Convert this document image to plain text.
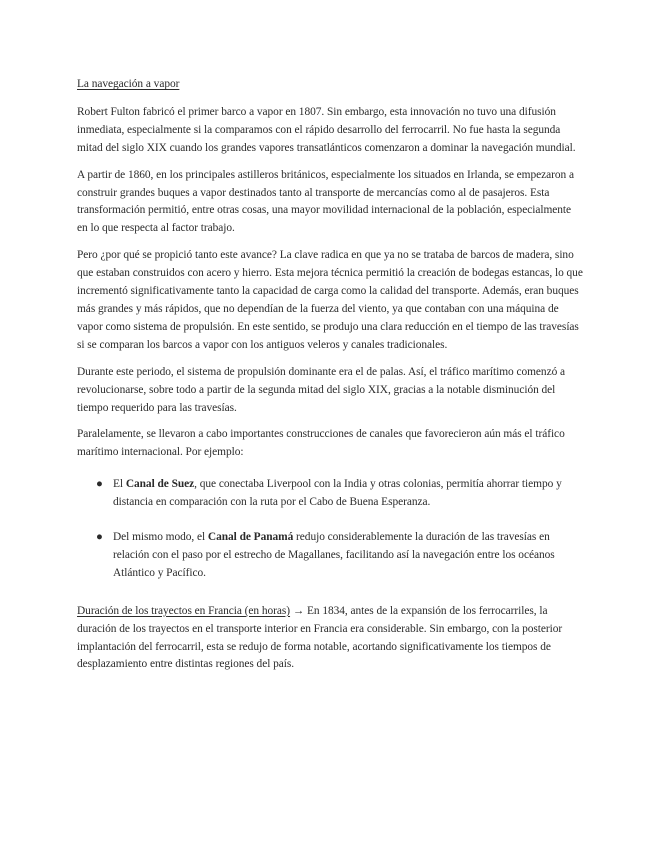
La navegación a vapor

Robert Fulton fabricó el primer barco a vapor en 1807. Sin embargo, esta innovación no tuvo una difusión inmediata, especialmente si la comparamos con el rápido desarrollo del ferrocarril. No fue hasta la segunda mitad del siglo XIX cuando los grandes vapores transatlánticos comenzaron a dominar la navegación mundial.

A partir de 1860, en los principales astilleros británicos, especialmente los situados en Irlanda, se empezaron a construir grandes buques a vapor destinados tanto al transporte de mercancías como al de pasajeros. Esta transformación permitió, entre otras cosas, una mayor movilidad internacional de la población, especialmente en lo que respecta al factor trabajo.

Pero ¿por qué se propició tanto este avance? La clave radica en que ya no se trataba de barcos de madera, sino que estaban construidos con acero y hierro. Esta mejora técnica permitió la creación de bodegas estancas, lo que incrementó significativamente tanto la capacidad de carga como la calidad del transporte. Además, eran buques más grandes y más rápidos, que no dependían de la fuerza del viento, ya que contaban con una máquina de vapor como sistema de propulsión. En este sentido, se produjo una clara reducción en el tiempo de las travesías si se comparan los barcos a vapor con los antiguos veleros y canales tradicionales.

Durante este periodo, el sistema de propulsión dominante era el de palas. Así, el tráfico marítimo comenzó a revolucionarse, sobre todo a partir de la segunda mitad del siglo XIX, gracias a la notable disminución del tiempo requerido para las travesías.

Paralelamente, se llevaron a cabo importantes construcciones de canales que favorecieron aún más el tráfico marítimo internacional. Por ejemplo:

● El Canal de Suez, que conectaba Liverpool con la India y otras colonias, permitía ahorrar tiempo y distancia en comparación con la ruta por el Cabo de Buena Esperanza.
● Del mismo modo, el Canal de Panamá redujo considerablemente la duración de las travesías en relación con el paso por el estrecho de Magallanes, facilitando así la navegación entre los océanos Atlántico y Pacífico.

Duración de los trayectos en Francia (en horas) → En 1834, antes de la expansión de los ferrocarriles, la duración de los trayectos en el transporte interior en Francia era considerable. Sin embargo, con la posterior implantación del ferrocarril, esta se redujo de forma notable, acortando significativamente los tiempos de desplazamiento entre distintas regiones del país.
